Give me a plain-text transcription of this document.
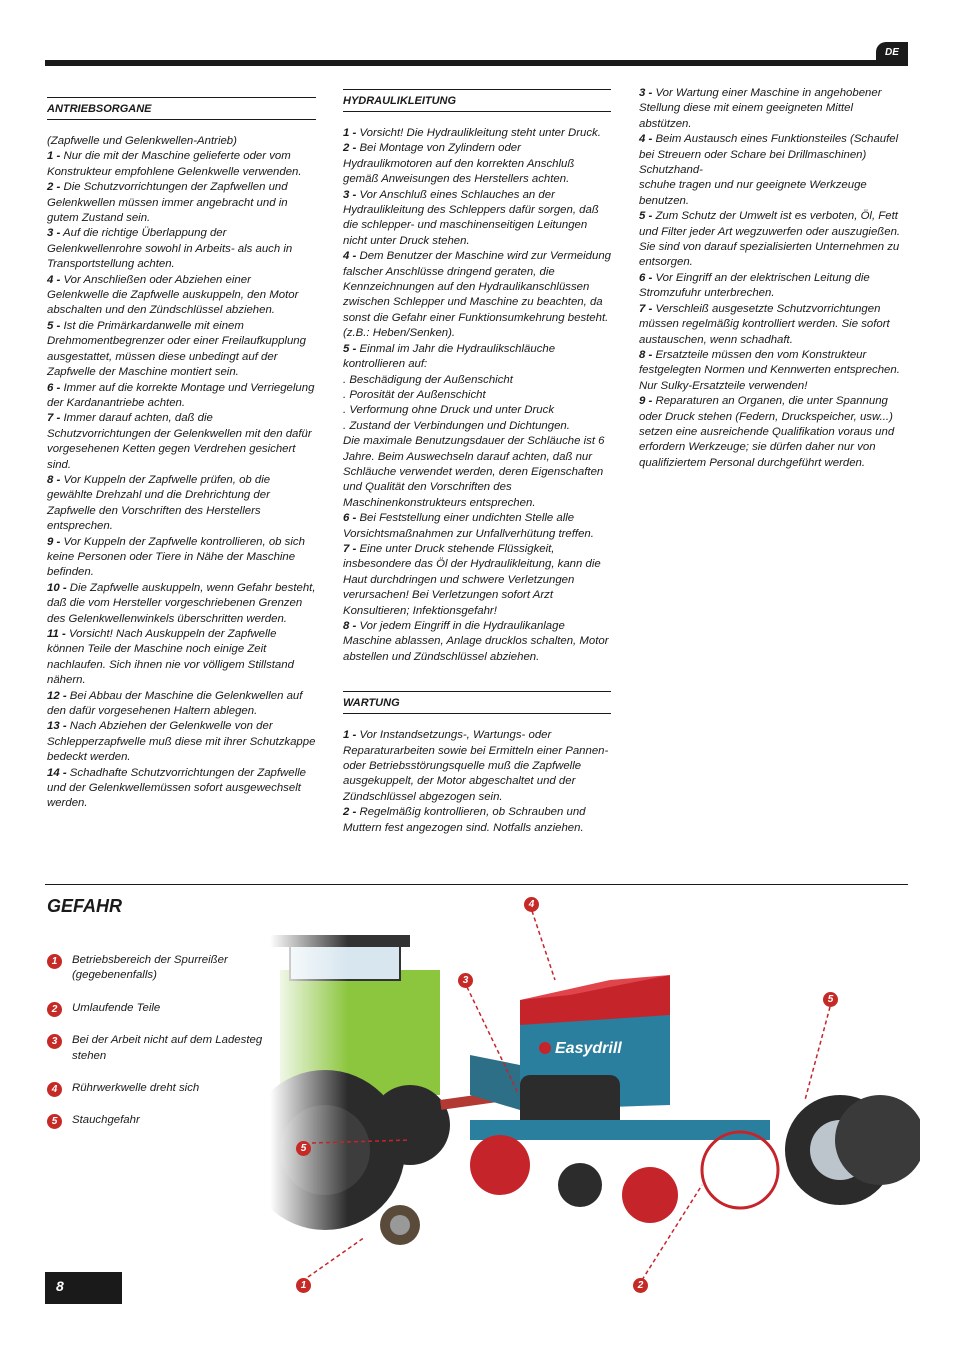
DE
ANTRIEBSORGANE

(Zapfwelle und Gelenkwellen-Antrieb)

1 - Nur die mit der Maschine gelieferte oder vom Konstrukteur empfohlene Gelenkwelle verwenden.

2 - Die Schutzvorrichtungen der Zapfwellen und Gelenkwellen müssen immer angebracht und in gutem Zustand sein.

3 - Auf die richtige Überlappung der Gelenkwellenrohre sowohl in Arbeits- als auch in Transportstellung achten.

4 - Vor Anschließen oder Abziehen einer Gelenkwelle die Zapfwelle auskuppeln, den Motor abschalten und den Zündschlüssel abziehen.

5 - Ist die Primärkardanwelle mit einem Drehmomentbegrenzer oder einer Freilaufkupplung ausgestattet, müssen diese unbedingt auf der Zapfwelle der Maschine montiert sein.

6 - Immer auf die korrekte Montage und Verriegelung der Kardanantriebe achten.

7 - Immer darauf achten, daß die Schutzvorrichtungen der Gelenkwellen mit den dafür vorgesehenen Ketten gegen Verdrehen gesichert sind.

8 - Vor Kuppeln der Zapfwelle prüfen, ob die gewählte Drehzahl und die Drehrichtung der Zapfwelle den Vorschriften des Herstellers entsprechen.

9 - Vor Kuppeln der Zapfwelle kontrollieren, ob sich keine Personen oder Tiere in Nähe der Maschine befinden.

10 - Die Zapfwelle auskuppeln, wenn Gefahr besteht, daß die vom Hersteller vorgeschriebenen Grenzen des Gelenkwellenwinkels überschritten werden.

11 - Vorsicht! Nach Auskuppeln der Zapfwelle können Teile der Maschine noch einige Zeit nachlaufen. Sich ihnen nie vor völligem Stillstand nähern.

12 - Bei Abbau der Maschine die Gelenkwellen auf den dafür vorgesehenen Haltern ablegen.

13 - Nach Abziehen der Gelenkwelle von der Schlepperzapfwelle muß diese mit ihrer Schutzkappe bedeckt werden.

14 - Schadhafte Schutzvorrichtungen der Zapfwelle und der Gelenkwellemüssen sofort ausgewechselt werden.

HYDRAULIKLEITUNG

1 - Vorsicht! Die Hydraulikleitung steht unter Druck.

2 - Bei Montage von Zylindern oder Hydraulikmotoren auf den korrekten Anschluß gemäß Anweisungen des Herstellers achten.

3 - Vor Anschluß eines Schlauches an der Hydraulikleitung des Schleppers dafür sorgen, daß die schlepper- und maschinenseitigen Leitungen nicht unter Druck stehen.

4 - Dem Benutzer der Maschine wird zur Vermeidung falscher Anschlüsse dringend geraten, die Kennzeichnungen auf den Hydraulikanschlüssen zwischen Schlepper und Maschine zu beachten, da sonst die Gefahr einer Funktionsumkehrung besteht. (z.B.: Heben/Senken).

5 - Einmal im Jahr die Hydraulikschläuche kontrollieren auf:

. Beschädigung der Außenschicht

. Porosität der Außenschicht

. Verformung ohne Druck und unter Druck

. Zustand der Verbindungen und Dichtungen.

Die maximale Benutzungsdauer der Schläuche ist 6 Jahre. Beim Auswechseln darauf achten, daß nur Schläuche verwendet werden, deren Eigenschaften und Qualität den Vorschriften des Maschinenkonstrukteurs entsprechen.

6 - Bei Feststellung einer undichten Stelle alle Vorsichtsmaßnahmen zur Unfallverhütung treffen.

7 - Eine unter Druck stehende Flüssigkeit, insbesondere das Öl der Hydraulikleitung, kann die Haut durchdringen und schwere Verletzungen verursachen! Bei Verletzungen sofort Arzt Konsultieren; Infektionsgefahr!

8 - Vor jedem Eingriff in die Hydraulikanlage Maschine ablassen, Anlage drucklos schalten, Motor abstellen und Zündschlüssel abziehen.

WARTUNG

1 - Vor Instandsetzungs-, Wartungs- oder Reparaturarbeiten sowie bei Ermitteln einer Pannen- oder Betriebsstörungsquelle muß die Zapfwelle ausgekuppelt, der Motor abgeschaltet und der Zündschlüssel abgezogen sein.

2 - Regelmäßig kontrollieren, ob Schrauben und Muttern fest angezogen sind. Notfalls anziehen.

3 - Vor Wartung einer Maschine in angehobener Stellung diese mit einem geeigneten Mittel abstützen.

4 - Beim Austausch eines Funktionsteiles (Schaufel bei Streuern oder Schare bei Drillmaschinen) Schutzhand-
schuhe tragen und nur geeignete Werkzeuge benutzen.

5 - Zum Schutz der Umwelt ist es verboten, Öl, Fett und Filter jeder Art wegzuwerfen oder auszugießen. Sie sind von darauf spezialisierten Unternehmen zu entsorgen.

6 - Vor Eingriff an der elektrischen Leitung die Stromzufuhr unterbrechen.

7 - Verschleiß ausgesetzte Schutzvorrichtungen müssen regelmäßig kontrolliert werden. Sie sofort austauschen, wenn schadhaft.

8 - Ersatzteile müssen den vom Konstrukteur festgelegten Normen und Kennwerten entsprechen. Nur Sulky-Ersatzteile verwenden!

9 - Reparaturen an Organen, die unter Spannung oder Druck stehen (Federn, Druckspeicher, usw...) setzen eine ausreichende Qualifikation voraus und erfordern Werkzeuge; sie dürfen daher nur von qualifiziertem Personal durchgeführt werden.

GEFAHR
1	Betriebsbereich der Spurreißer (gegebenenfalls)
2	Umlaufende Teile
3	Bei der Arbeit nicht auf dem Ladesteg stehen
4	Rührwerkwelle dreht sich
5	Stauchgefahr
4
3
5
5
1	2
8
